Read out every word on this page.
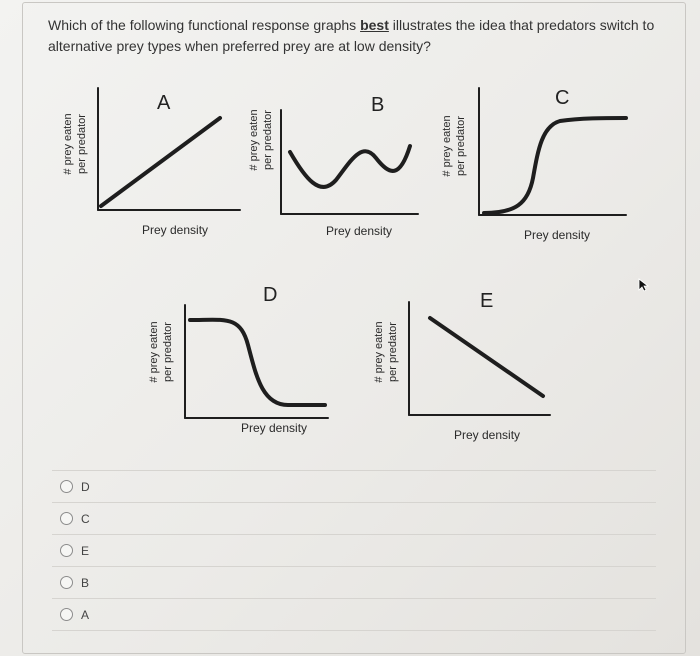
Which of the following functional response graphs best illustrates the idea that predators switch to alternative prey types when preferred prey are at low density?
A	B	C
D	E
# prey eaten per predator	# prey eaten per predator	# prey eaten per predator
# prey eaten per predator	# prey eaten per predator
Prey density	Prey density	Prey density
Prey density	Prey density
D
C
E
B
A
